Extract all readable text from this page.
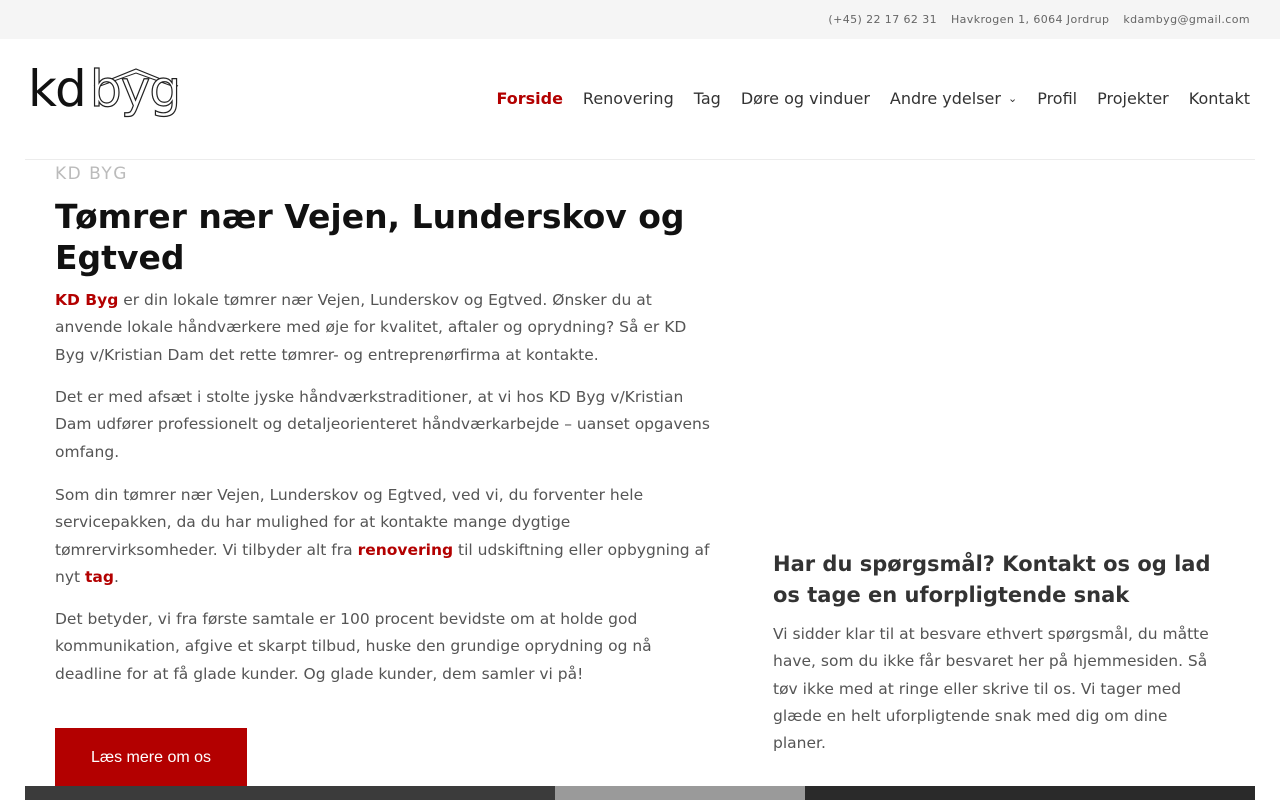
(+45) 22 17 62 31 Havkrogen 1, 6064 Jordrup kdambyg@gmail.com
kd byg	Forside Renovering Tag Døre og vinduer Andre ydelser ⌄ Profil Projekter Kontakt
KD BYG
Tømrer nær Vejen, Lunderskov og Egtved

KD Byg er din lokale tømrer nær Vejen, Lunderskov og Egtved. Ønsker du at anvende lokale håndværkere med øje for kvalitet, aftaler og oprydning? Så er KD Byg v/Kristian Dam det rette tømrer- og entreprenørfirma at kontakte.

Det er med afsæt i stolte jyske håndværkstraditioner, at vi hos KD Byg v/Kristian Dam udfører professionelt og detaljeorienteret håndværkarbejde – uanset opgavens omfang.

Som din tømrer nær Vejen, Lunderskov og Egtved, ved vi, du forventer hele servicepakken, da du har mulighed for at kontakte mange dygtige tømrervirksomheder. Vi tilbyder alt fra renovering til udskiftning eller opbygning af nyt tag.

Det betyder, vi fra første samtale er 100 procent bevidste om at holde god kommunikation, afgive et skarpt tilbud, huske den grundige oprydning og nå deadline for at få glade kunder. Og glade kunder, dem samler vi på!

Læs mere om os
Har du spørgsmål? Kontakt os og lad os tage en uforpligtende snak

Vi sidder klar til at besvare ethvert spørgsmål, du måtte have, som du ikke får besvaret her på hjemmesiden. Så tøv ikke med at ringe eller skrive til os. Vi tager med glæde en helt uforpligtende snak med dig om dine planer.
